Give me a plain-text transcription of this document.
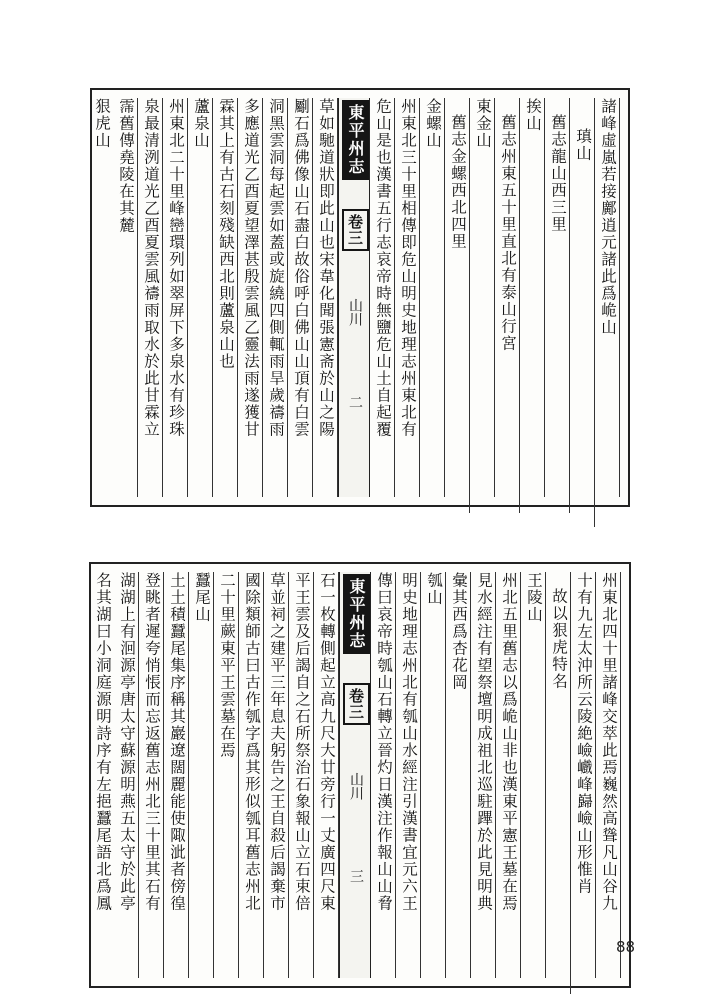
諸峰虛嵐若接鄺逍元諸此爲峗山
瑱山
舊志龍山西三里
挨山
舊志州東五十里直北有泰山行宮
東金山
舊志金螺西北四里
金螺山
州東北三十里相傳即危山明史地理志州東北有
危山是也漢書五行志哀帝時無鹽危山土自起覆
東平州志 卷三 山川 二
草如馳道狀即此山也宋韋化聞張憲斋於山之陽
劚石爲佛像山石盡白故俗呼白佛山山頂有白雲
洞黑雲洞每起雲如蓋或旋繞四側輒雨旱歲禱雨
多應道光乙酉夏望澤甚殷雲風乙靈法雨遂獲甘
霖其上有古石刻殘缺西北則蘆泉山也
蘆泉山
州東北二十里峰巒環列如翠屏下多泉水有珍珠
泉最清洌道光乙酉夏雲風禱雨取水於此甘霖立
霈舊傳堯陵在其麓
狠虎山
州東北四十里諸峰交萃此焉巍然高聳凡山谷九
十有九左太沖所云陵絶嶮巇峰巋嶮山形惟肖
故以狠虎特名
王陵山
州北五里舊志以爲峗山非也漢東平憲王墓在焉
見水經注有望祭壇明成祖北巡駐蹕於此見明典
彙其西爲杏花岡
瓠山
明史地理志州北有瓠山水經注引漢書宜元六王
傳曰哀帝時瓠山石轉立晉灼日漢注作報山山脅
東平州志 卷三 山川 三
石一枚轉側起立高九尺大廿旁行一丈廣四尺東
平王雲及后謁自之石所祭治石象報山立石束倍
草並祠之建平三年息夫躬告之王自殺后謁棄市
國除類師古曰古作瓠字爲其形似瓠耳舊志州北
二十里蕨東平王雲墓在焉
蠶尾山
土土積蠶尾集序稱其巖遼闊麗能使陬泚者傍徨
登眺者遲夸悄悵而忘返舊志州北三十里其石有
湖湖上有洄源亭唐太守蘇源明燕五太守於此亭
名其湖曰小洞庭源明詩序有左挹蠶尾語北爲鳳
88
